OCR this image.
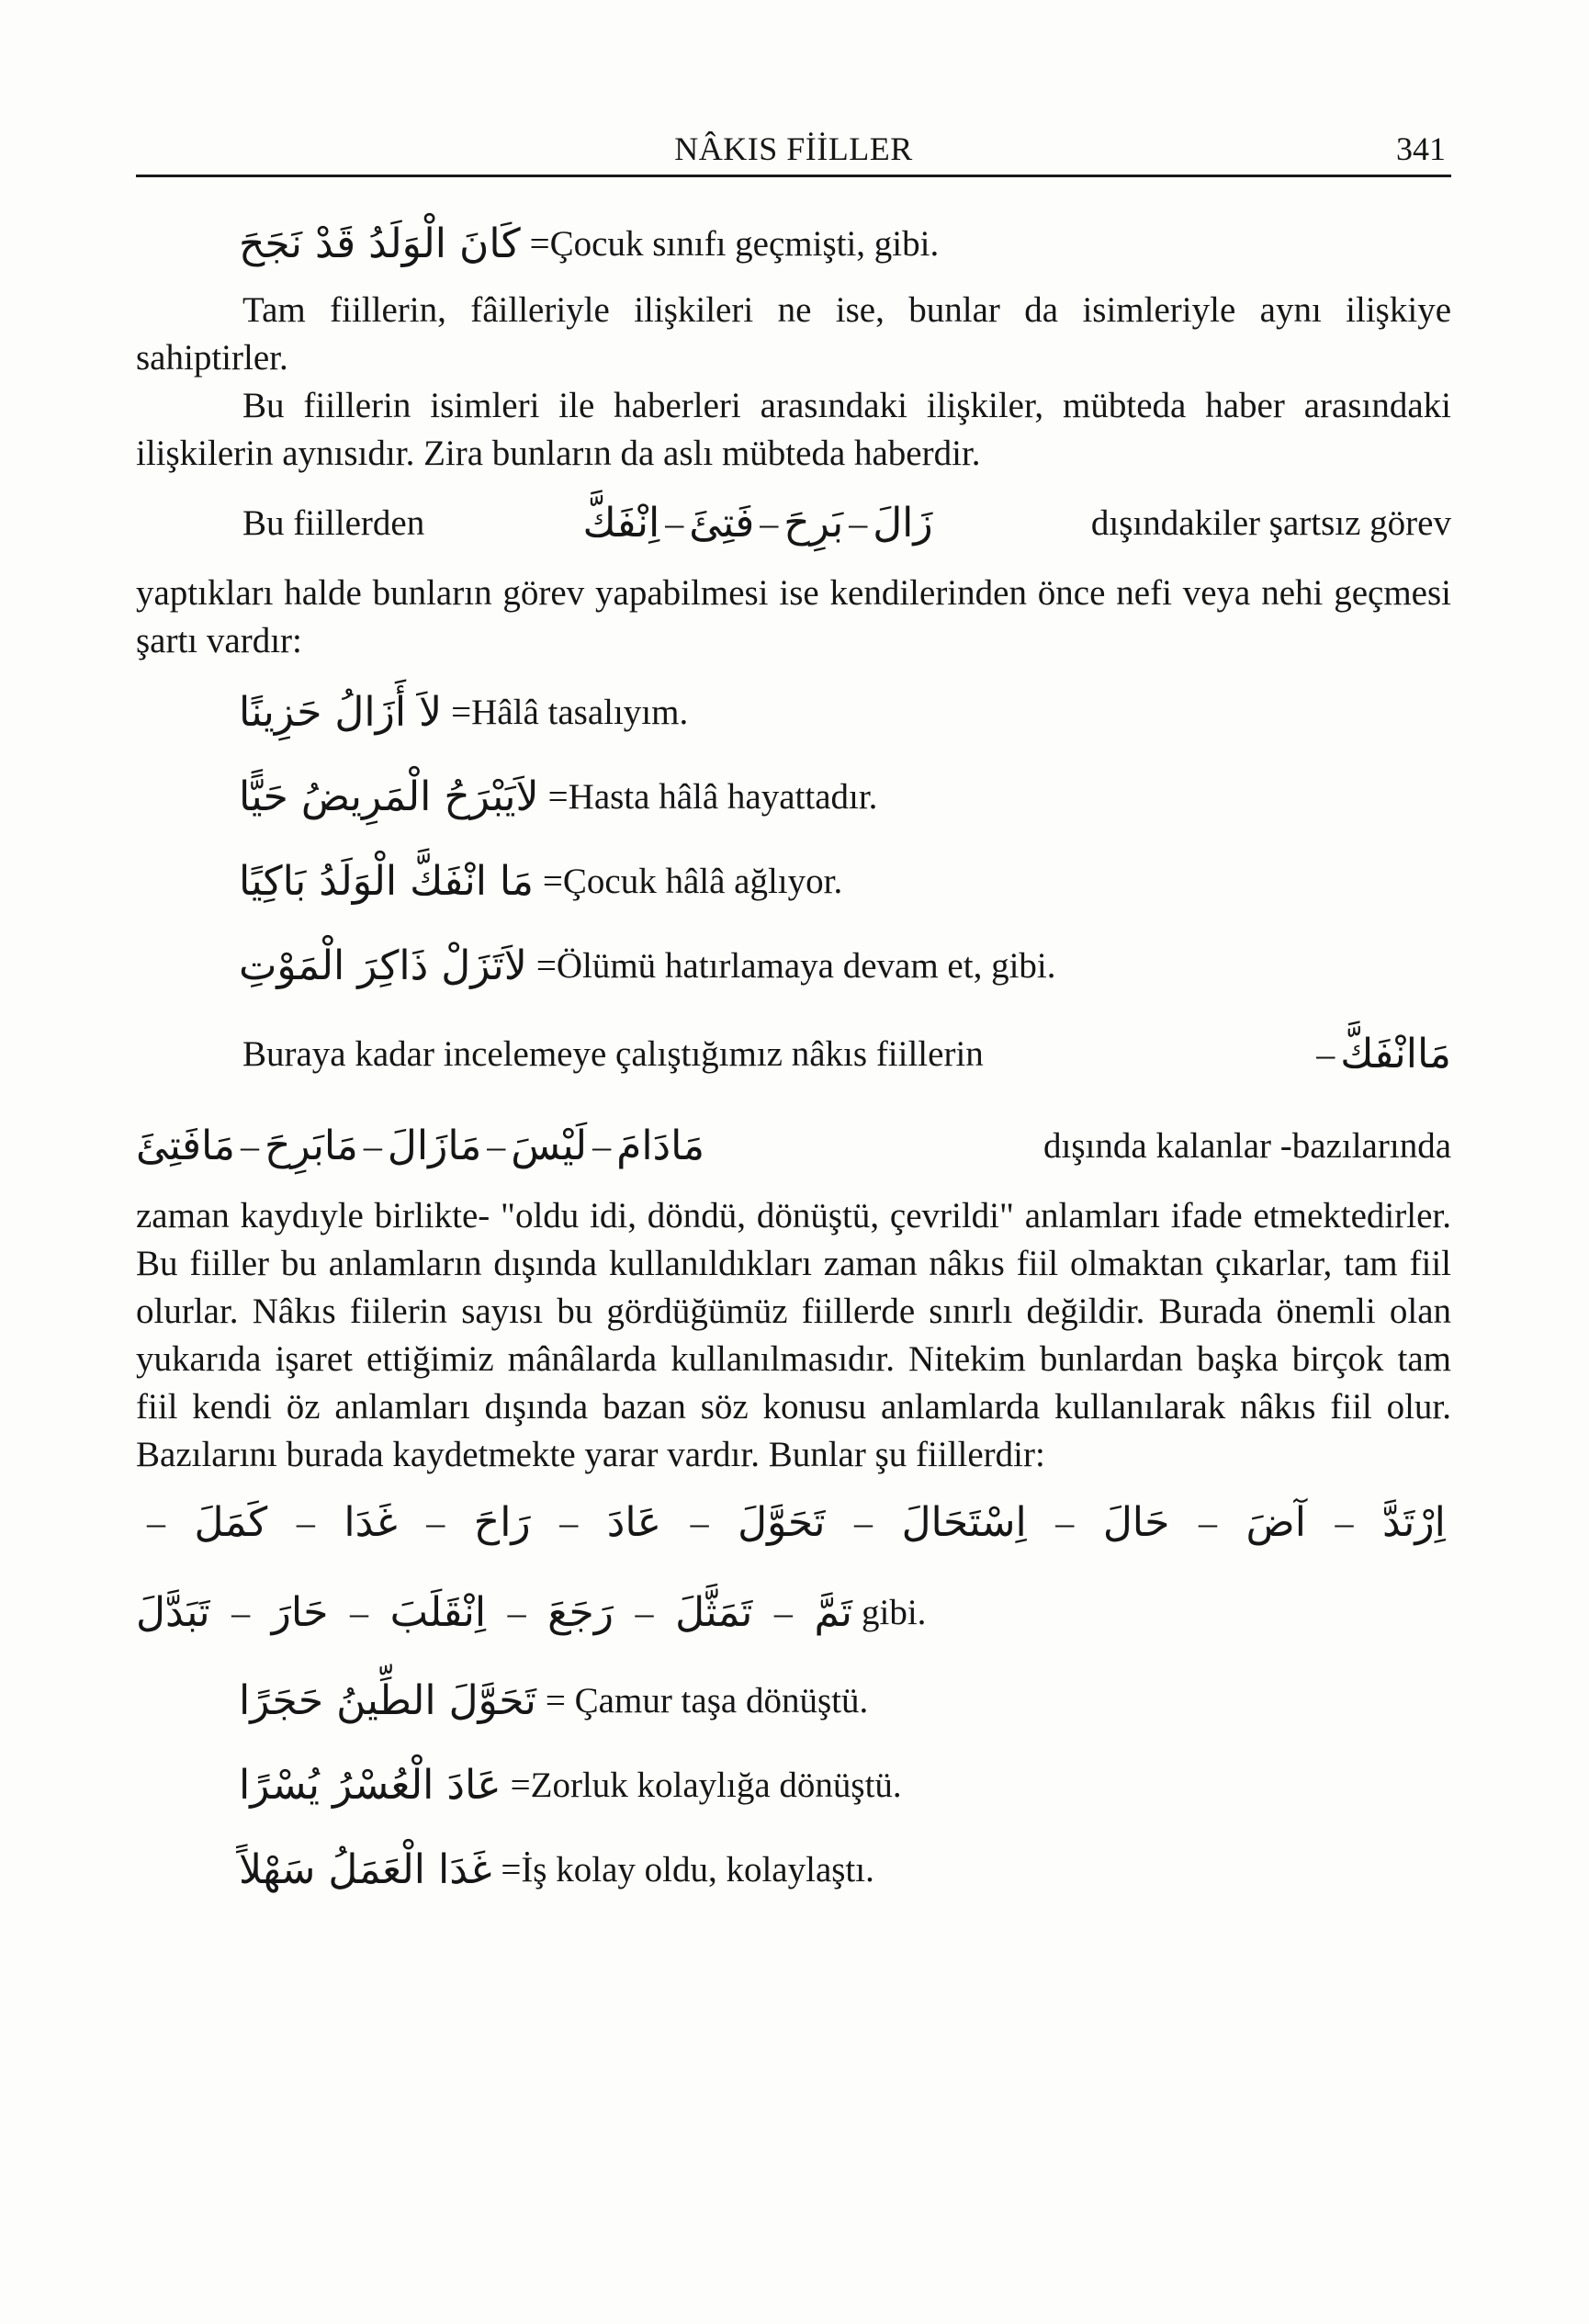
NÂKIS FİİLLER	341
كَانَ الْوَلَدُ قَدْ نَجَحَ =Çocuk sınıfı geçmişti, gibi.

Tam fiillerin, fâilleriyle ilişkileri ne ise, bunlar da isimleriyle aynı ilişkiye sahiptirler.

Bu fiillerin isimleri ile haberleri arasındaki ilişkiler, mübteda haber arasındaki ilişkilerin aynısıdır. Zira bunların da aslı mübteda haberdir.

Bu fiillerden	زَالَ
–
بَرِحَ
–
فَتِئَ
–
اِنْفَكَّ	dışındakiler şartsız görev

yaptıkları halde bunların görev yapabilmesi ise kendilerinden önce nefi veya nehi geçmesi şartı vardır:

لاَ أَزَالُ حَزِينًا =Hâlâ tasalıyım.
لاَيَبْرَحُ الْمَرِيضُ حَيًّا =Hasta hâlâ hayattadır.
مَا انْفَكَّ الْوَلَدُ بَاكِيًا =Çocuk hâlâ ağlıyor.
لاَتَزَلْ ذَاكِرَ الْمَوْتِ =Ölümü hatırlamaya devam et, gibi.
Buraya kadar incelemeye çalıştığımız nâkıs fiillerin	– مَاانْفَكَّ
مَادَامَ
–
لَيْسَ
–
مَازَالَ
–
مَابَرِحَ
–
مَافَتِئَ	dışında kalanlar -bazılarında

zaman kaydıyle birlikte- "oldu idi, döndü, dönüştü, çevrildi" anlamları ifade etmektedirler. Bu fiiller bu anlamların dışında kullanıldıkları zaman nâkıs fiil olmaktan çıkarlar, tam fiil olurlar. Nâkıs fiilerin sayısı bu gördüğümüz fiillerde sınırlı değildir. Burada önemli olan yukarıda işaret ettiğimiz mânâlarda kullanılmasıdır. Nitekim bunlardan başka birçok tam fiil kendi öz anlamları dışında bazan söz konusu anlamlarda kullanılarak nâkıs fiil olur. Bazılarını burada kaydetmekte yarar vardır. Bunlar şu fiillerdir:

اِرْتَدَّ
–
آضَ
–
حَالَ
–
اِسْتَحَالَ
–
تَحَوَّلَ
–
عَادَ
–
رَاحَ
–
غَدَا
–
كَمَلَ
–
تَمَّ
–
تَمَثَّلَ
–
رَجَعَ
–
اِنْقَلَبَ
–
حَارَ
–
تَبَدَّلَ	gibi.
تَحَوَّلَ الطِّينُ حَجَرًا = Çamur taşa dönüştü.
عَادَ الْعُسْرُ يُسْرًا =Zorluk kolaylığa dönüştü.
غَدَا الْعَمَلُ سَهْلاً =İş kolay oldu, kolaylaştı.
